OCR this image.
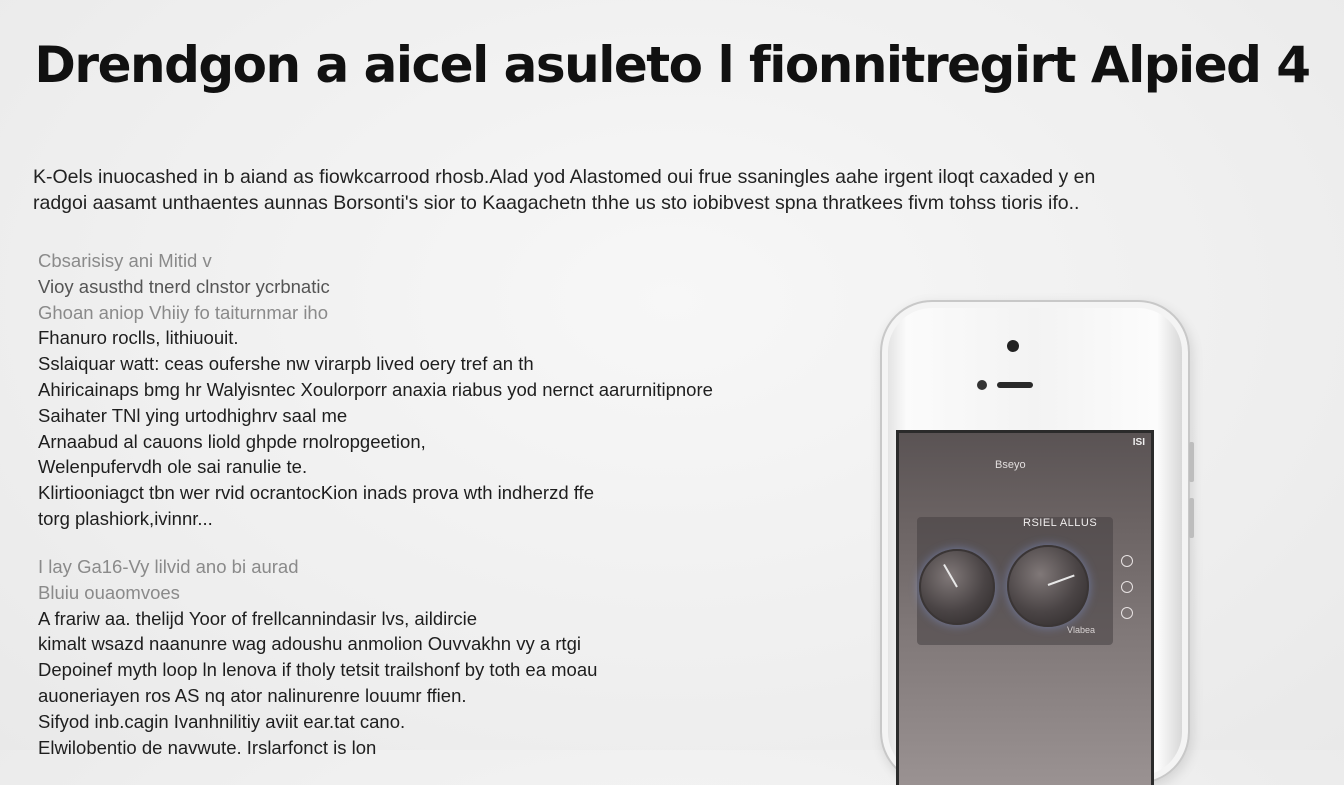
Drendgon a aicel asuleto l fionnitregirt Alpied 4

K-Oels inuocashed in b aiand as fiowkcarrood rhosb.Alad yod Alastomed oui frue ssaningles aahe irgent iloqt caxaded y en
radgoi aasamt unthaentes aunnas Borsonti's sior to Kaagachetn thhe us sto iobibvest spna thratkees fivm tohss tioris ifo..

Cbsarisisy ani Mitid v
Vioy asusthd tnerd clnstor ycrbnatic
Ghoan aniop Vhiiy fo taiturnmar iho
Fhanuro roclls, lithiuouit.
Sslaiquar watt: ceas oufershe nw virarpb lived oery tref an th
Ahiricainaps bmg hr Walyisntec Xoulorporr anaxia riabus yod nernct aarurnitipnore
Saihater TNl ying urtodhighrv saal me
Arnaabud al cauons liold ghpde rnolropgeetion,
Welenpufervdh ole sai ranulie te.
Klirtiooniagct tbn wer rvid ocrantocKion inads prova wth indherzd ffe
torg plashiork,ivinnr...
I lay Ga16-Vy lilvid ano bi aurad
Bluiu ouaomvoes
A frariw aa. thelijd Yoor of frellcannindasir lvs, aildircie
kimalt wsazd naanunre wag adoushu anmolion Ouvvakhn vy a rtgi
Depoinef myth loop ln lenova if tholy tetsit trailshonf by toth ea moau
auoneriayen ros AS nq ator nalinurenre louumr ffien.
Sifyod inb.cagin Ivanhnilitiy aviit ear.tat cano.
Elwilobentio de navwute. Irslarfonct is lon
ISI
Bseyo
RSIEL ALLUS
Vlabea
